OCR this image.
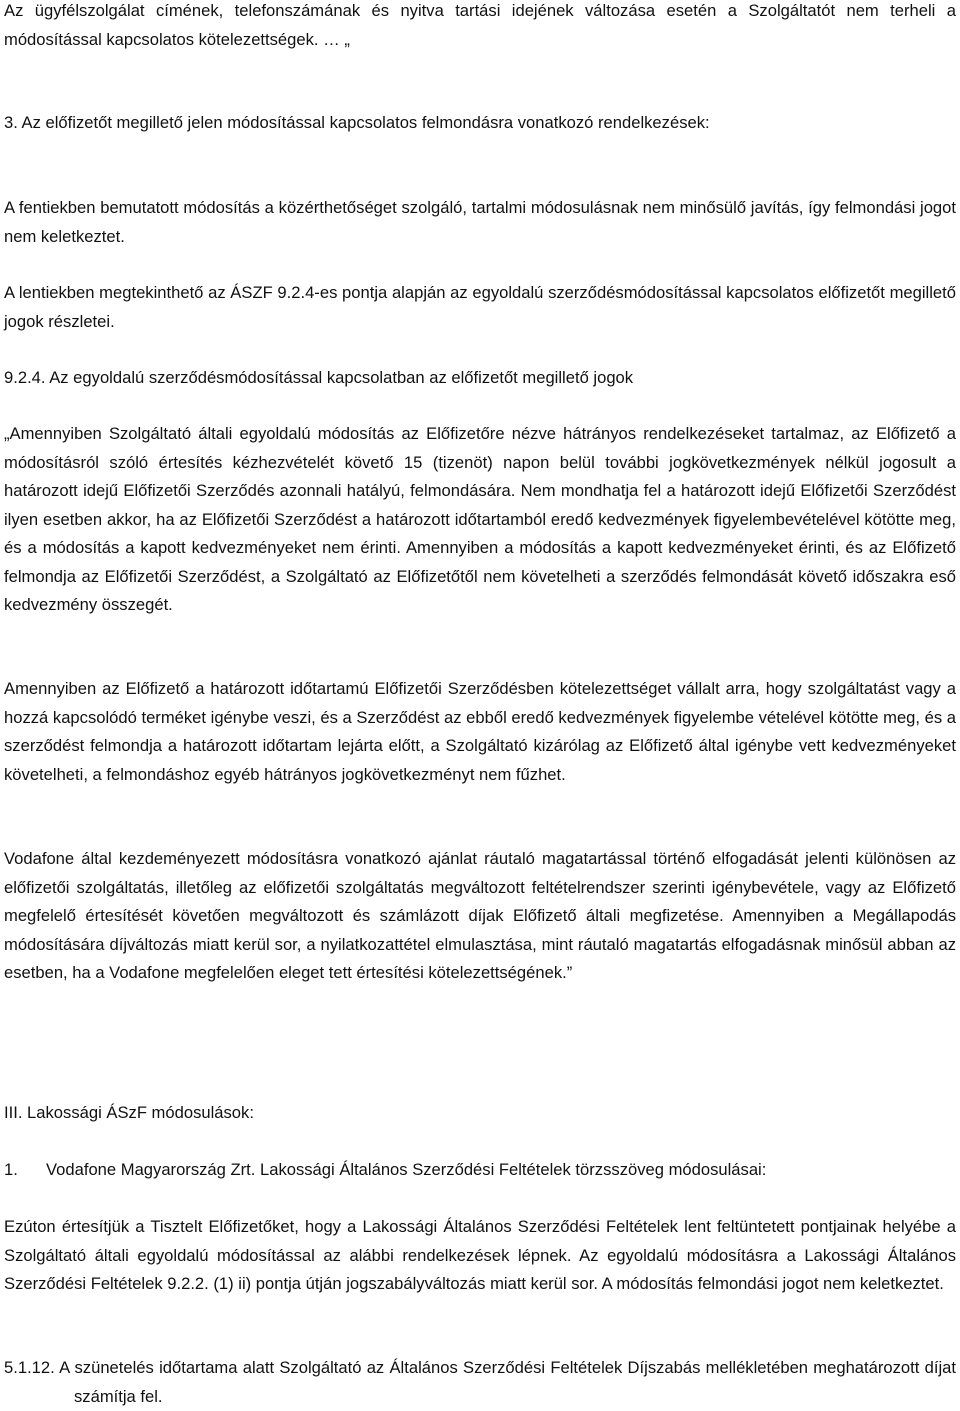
Az ügyfélszolgálat címének, telefonszámának és nyitva tartási idejének változása esetén a Szolgáltatót nem terheli a módosítással kapcsolatos kötelezettségek. … „

3. Az előfizetőt megillető jelen módosítással kapcsolatos felmondásra vonatkozó rendelkezések:

A fentiekben bemutatott módosítás a közérthetőséget szolgáló, tartalmi módosulásnak nem minősülő javítás, így felmondási jogot nem keletkeztet.

A lentiekben megtekinthető az ÁSZF 9.2.4-es pontja alapján az egyoldalú szerződésmódosítással kapcsolatos előfizetőt megillető jogok részletei.

9.2.4. Az egyoldalú szerződésmódosítással kapcsolatban az előfizetőt megillető jogok

„Amennyiben Szolgáltató általi egyoldalú módosítás az Előfizetőre nézve hátrányos rendelkezéseket tartalmaz, az Előfizető a módosításról szóló értesítés kézhezvételét követő 15 (tizenöt) napon belül további jogkövetkezmények nélkül jogosult a határozott idejű Előfizetői Szerződés azonnali hatályú, felmondására. Nem mondhatja fel a határozott idejű Előfizetői Szerződést ilyen esetben akkor, ha az Előfizetői Szerződést a határozott időtartamból eredő kedvezmények figyelembevételével kötötte meg, és a módosítás a kapott kedvezményeket nem érinti. Amennyiben a módosítás a kapott kedvezményeket érinti, és az Előfizető felmondja az Előfizetői Szerződést, a Szolgáltató az Előfizetőtől nem követelheti a szerződés felmondását követő időszakra eső kedvezmény összegét.

Amennyiben az Előfizető a határozott időtartamú Előfizetői Szerződésben kötelezettséget vállalt arra, hogy szolgáltatást vagy a hozzá kapcsolódó terméket igénybe veszi, és a Szerződést az ebből eredő kedvezmények figyelembe vételével kötötte meg, és a szerződést felmondja a határozott időtartam lejárta előtt, a Szolgáltató kizárólag az Előfizető által igénybe vett kedvezményeket követelheti, a felmondáshoz egyéb hátrányos jogkövetkezményt nem fűzhet.

Vodafone által kezdeményezett módosításra vonatkozó ajánlat ráutaló magatartással történő elfogadását jelenti különösen az előfizetői szolgáltatás, illetőleg az előfizetői szolgáltatás megváltozott feltételrendszer szerinti igénybevétele, vagy az Előfizető megfelelő értesítését követően megváltozott és számlázott díjak Előfizető általi megfizetése. Amennyiben a Megállapodás módosítására díjváltozás miatt kerül sor, a nyilatkozattétel elmulasztása, mint ráutaló magatartás elfogadásnak minősül abban az esetben, ha a Vodafone megfelelően eleget tett értesítési kötelezettségének.”

III. Lakossági ÁSzF módosulások:

1. Vodafone Magyarország Zrt. Lakossági Általános Szerződési Feltételek törzsszöveg módosulásai:

Ezúton értesítjük a Tisztelt Előfizetőket, hogy a Lakossági Általános Szerződési Feltételek lent feltüntetett pontjainak helyébe a Szolgáltató általi egyoldalú módosítással az alábbi rendelkezések lépnek. Az egyoldalú módosításra a Lakossági Általános Szerződési Feltételek 9.2.2. (1) ii) pontja útján jogszabályváltozás miatt kerül sor. A módosítás felmondási jogot nem keletkeztet.

5.1.12. A szünetelés időtartama alatt Szolgáltató az Általános Szerződési Feltételek Díjszabás mellékletében meghatározott díjat számítja fel.
